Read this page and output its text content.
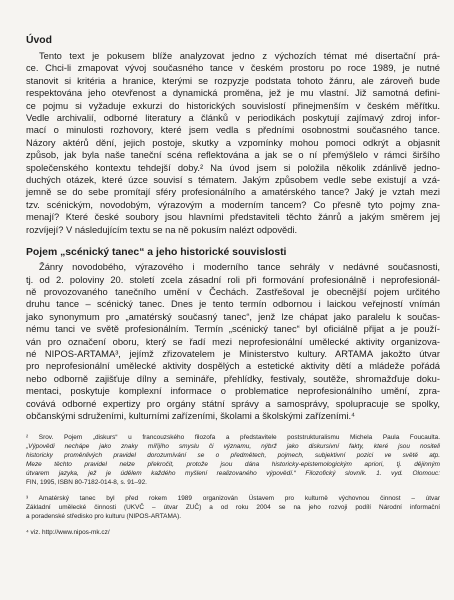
Úvod
Tento text je pokusem blíže analyzovat jedno z výchozích témat mé disertační prá-
ce. Chci-li zmapovat vývoj současného tance v českém prostoru po roce 1989, je nutné
stanovit si kritéria a hranice, kterými se rozpyzje podstata tohoto žánru, ale zároveň bude
respektována jeho otevřenost a dynamická proměna, jež je mu vlastní. Již samotná defini-
ce pojmu si vyžaduje exkurzi do historických souvislostí přinejmenším v českém měřítku.
Vedle archivalií, odborné literatury a článků v periodikách poskytují zajímavý zdroj infor-
mací o minulosti rozhovory, které jsem vedla s předními osobnostmi současného tance.
Názory aktérů dění, jejich postoje, skutky a vzpomínky mohou pomoci odkrýt a objasnit
způsob, jak byla naše taneční scéna reflektována a jak se o ní přemýšlelo v rámci širšího
společenského kontextu tehdejší doby.² Na úvod jsem si položila několik zdánlivě jedno-
duchých otázek, které úzce souvisí s tématem. Jakým způsobem vedle sebe existují a vzá-
jemně se do sebe promítají sféry profesionálního a amatérského tance? Jaký je vztah mezi
tzv. scénickým, novodobým, výrazovým a moderním tancem? Co přesně tyto pojmy zna-
menají? Které české soubory jsou hlavními představiteli těchto žánrů a jakým směrem jej
rozvíjejí? V následujícím textu se na ně pokusím nalézt odpovědi.
Pojem „scénický tanec“ a jeho historické souvislosti
Žánry novodobého, výrazového i moderního tance sehrály v nedávné současnosti,
tj. od 2. poloviny 20. století zcela zásadní roli při formování profesionálně i neprofesionál-
ně provozovaného tanečního umění v Čechách. Zastřešoval je obecnější pojem určitého
druhu tance – scénický tanec. Dnes je tento termín odbornou i laickou veřejností vnímán
jako synonymum pro „amatérský současný tanec“, jenž lze chápat jako paralelu k součas-
nému tanci ve světě profesionálním. Termín „scénický tanec“ byl oficiálně přijat a je použí-
ván pro označení oboru, který se řadí mezi neprofesionální umělecké aktivity organizova-
né NIPOS-ARTAMA³, jejímž zřizovatelem je Ministerstvo kultury. ARTAMA jakožto útvar
pro neprofesionální umělecké aktivity dospělých a estetické aktivity dětí a mládeže pořádá
nebo odborně zajišťuje dílny a semináře, přehlídky, festivaly, soutěže, shromažďuje doku-
mentaci, poskytuje komplexní informace o problematice neprofesionálního umění, zpra-
covává odborné expertizy pro orgány státní správy a samosprávy, spolupracuje se spolky,
občanskými sdruženími, kulturními zařízeními, školami a školskými zařízeními.⁴
² Srov. Pojem „diskurs“ u francouzského filozofa a představitele poststrukturalismu Michela Paula Foucaulta.
„Výpovědi nechápe jako znaky mířijího smyslu či významu, nýbrž jako diskursivní fakty, které jsou nositeli
historicky proměnlivých pravidel dorozumívání se o předmětech, pojmech, subjektivní pozici ve světě atp.
Meze těchto pravidel nelze překročit, protože jsou dána historicky-epistemologickým apriori, tj. dějinným
útvarem jazyka, jež je údělem každého myšlení realizovaného výpovědí.“ Filozofický slovník. 1. vyd. Olomouc:
FIN, 1995, ISBN 80-7182-014-8, s. 91–92.
³ Amatérský tanec byl před rokem 1989 organizován Ústavem pro kulturně výchovnou činnost – útvar
Základní umělecké činnosti (UKVČ – útvar ZUČ) a od roku 2004 se na jeho rozvoji podílí Národní informační
a poradenské středisko pro kulturu (NIPOS-ARTAMA).
⁴ viz. http://www.nipos-mk.cz/
